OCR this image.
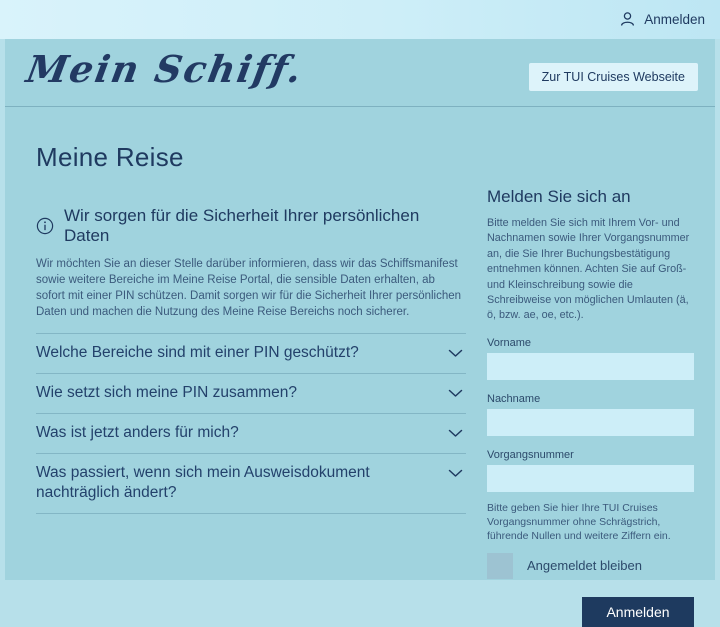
Anmelden
Mein Schiff.	Zur TUI Cruises Webseite
Meine Reise
Wir sorgen für die Sicherheit Ihrer persönlichen Daten

Wir möchten Sie an dieser Stelle darüber informieren, dass wir das Schiffsmanifest sowie weitere Bereiche im Meine Reise Portal, die sensible Daten erhalten, ab sofort mit einer PIN schützen. Damit sorgen wir für die Sicherheit Ihrer persönlichen Daten und machen die Nutzung des Meine Reise Bereichs noch sicherer.

Welche Bereiche sind mit einer PIN geschützt?
Wie setzt sich meine PIN zusammen?
Was ist jetzt anders für mich?
Was passiert, wenn sich mein Ausweisdokument nachträglich ändert?
Melden Sie sich an

Bitte melden Sie sich mit Ihrem Vor- und Nachnamen sowie Ihrer Vorgangsnummer an, die Sie Ihrer Buchungsbestätigung entnehmen können. Achten Sie auf Groß- und Kleinschreibung sowie die Schreibweise von möglichen Umlauten (ä, ö, bzw. ae, oe, etc.).

Vorname
Nachname
Vorgangsnummer

Bitte geben Sie hier Ihre TUI Cruises Vorgangsnummer ohne Schrägstrich, führende Nullen und weitere Ziffern ein.

Angemeldet bleiben
Anmelden
